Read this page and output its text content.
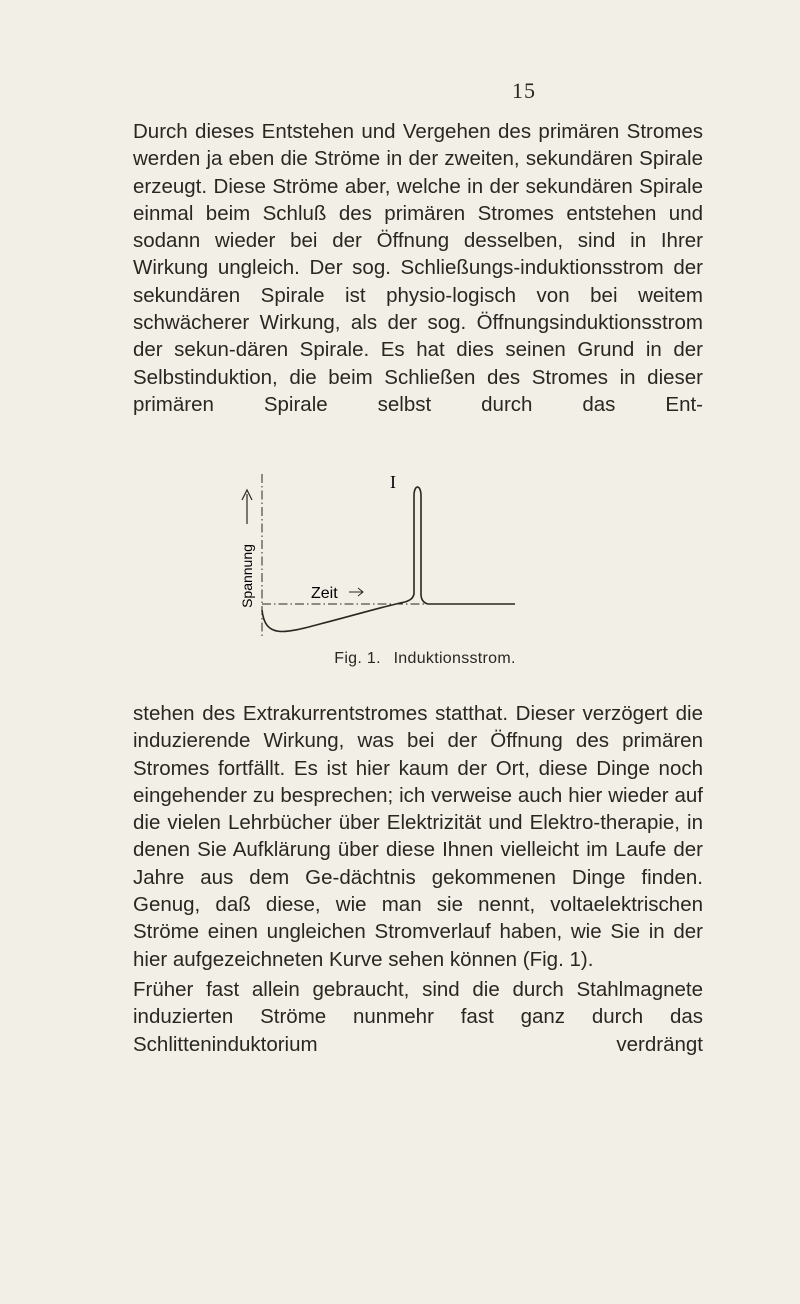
15

Durch dieses Entstehen und Vergehen des primären Stromes werden ja eben die Ströme in der zweiten, sekundären Spirale erzeugt. Diese Ströme aber, welche in der sekundären Spirale einmal beim Schluß des primären Stromes entstehen und sodann wieder bei der Öffnung desselben, sind in Ihrer Wirkung ungleich. Der sog. Schließungs-induktionsstrom der sekundären Spirale ist physio-logisch von bei weitem schwächerer Wirkung, als der sog. Öffnungsinduktionsstrom der sekun-dären Spirale. Es hat dies seinen Grund in der Selbstinduktion, die beim Schließen des Stromes in dieser primären Spirale selbst durch das Ent-

Spannung	Zeit
I
Fig. 1. Induktionsstrom.

stehen des Extrakurrentstromes statthat. Dieser verzögert die induzierende Wirkung, was bei der Öffnung des primären Stromes fortfällt. Es ist hier kaum der Ort, diese Dinge noch eingehender zu besprechen; ich verweise auch hier wieder auf die vielen Lehrbücher über Elektrizität und Elektro-therapie, in denen Sie Aufklärung über diese Ihnen vielleicht im Laufe der Jahre aus dem Ge-dächtnis gekommenen Dinge finden. Genug, daß diese, wie man sie nennt, voltaelektrischen Ströme einen ungleichen Stromverlauf haben, wie Sie in der hier aufgezeichneten Kurve sehen können (Fig. 1).

Früher fast allein gebraucht, sind die durch Stahlmagnete induzierten Ströme nunmehr fast ganz durch das Schlitteninduktorium verdrängt
